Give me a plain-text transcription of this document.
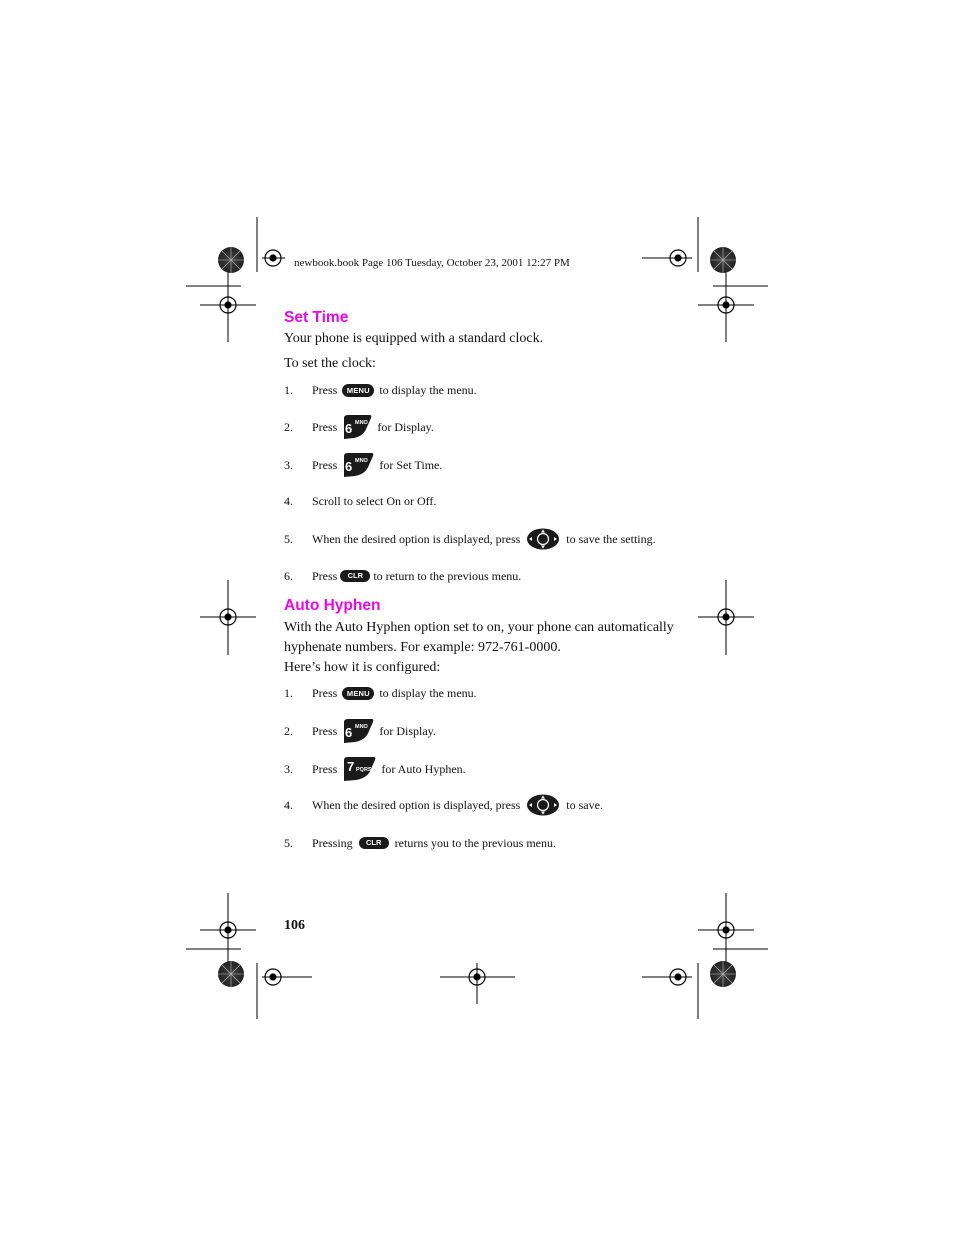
newbook.book Page 106 Tuesday, October 23, 2001 12:27 PM
Set Time
Your phone is equipped with a standard clock.
To set the clock:
1. Press	MENU to display the menu.
2. Press 6 MNO for Display.
3. Press 6 MNO for Set Time.
4. Scroll to select On or Off.
5. When the desired option is displayed, press	to save the setting.
6. Press	CLR to return to the previous menu.
Auto Hyphen
With the Auto Hyphen option set to on, your phone can automatically
hyphenate numbers. For example: 972-761-0000.
Here’s how it is configured:
1. Press	MENU to display the menu.
2. Press 6 MNO for Display.
3. Press 7 PQRS for Auto Hyphen.
4. When the desired option is displayed, press	to save.
5. Pressing	CLR	returns you to the previous menu.
106
